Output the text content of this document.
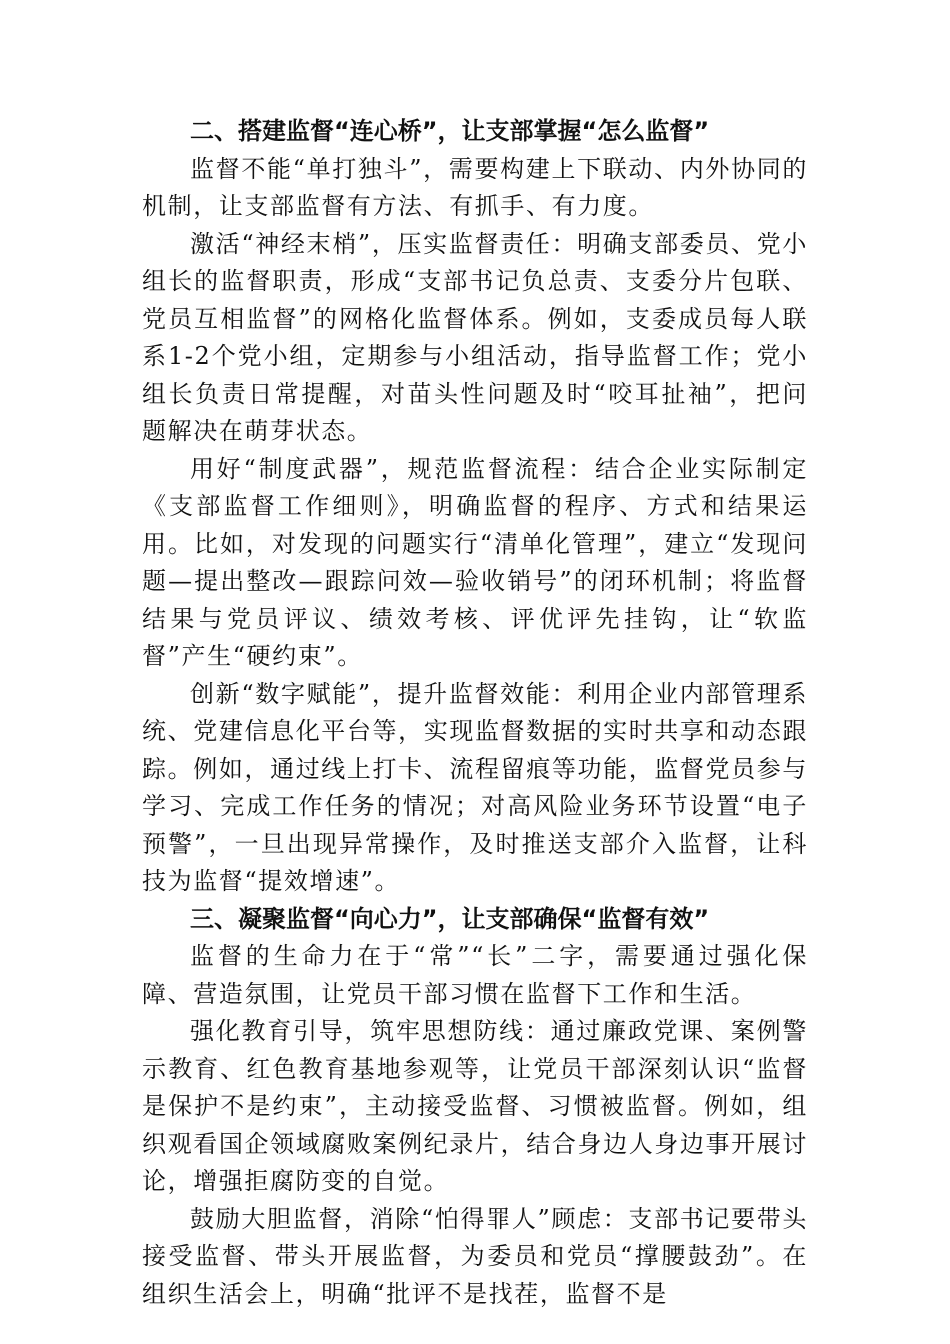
二、搭建监督“连心桥”，让支部掌握“怎么监督”

监督不能“单打独斗”，需要构建上下联动、内外协同的机制，让支部监督有方法、有抓手、有力度。

激活“神经末梢”，压实监督责任：明确支部委员、党小组长的监督职责，形成“支部书记负总责、支委分片包联、党员互相监督”的网格化监督体系。例如，支委成员每人联系1-2个党小组，定期参与小组活动，指导监督工作；党小组长负责日常提醒，对苗头性问题及时“咬耳扯袖”，把问题解决在萌芽状态。

用好“制度武器”，规范监督流程：结合企业实际制定《支部监督工作细则》，明确监督的程序、方式和结果运用。比如，对发现的问题实行“清单化管理”，建立“发现问题—提出整改—跟踪问效—验收销号”的闭环机制；将监督结果与党员评议、绩效考核、评优评先挂钩，让“软监督”产生“硬约束”。

创新“数字赋能”，提升监督效能：利用企业内部管理系统、党建信息化平台等，实现监督数据的实时共享和动态跟踪。例如，通过线上打卡、流程留痕等功能，监督党员参与学习、完成工作任务的情况；对高风险业务环节设置“电子预警”，一旦出现异常操作，及时推送支部介入监督，让科技为监督“提效增速”。

三、凝聚监督“向心力”，让支部确保“监督有效”

监督的生命力在于“常”“长”二字，需要通过强化保障、营造氛围，让党员干部习惯在监督下工作和生活。

强化教育引导，筑牢思想防线：通过廉政党课、案例警示教育、红色教育基地参观等，让党员干部深刻认识“监督是保护不是约束”，主动接受监督、习惯被监督。例如，组织观看国企领域腐败案例纪录片，结合身边人身边事开展讨论，增强拒腐防变的自觉。

鼓励大胆监督，消除“怕得罪人”顾虑：支部书记要带头接受监督、带头开展监督，为委员和党员“撑腰鼓劲”。在组织生活会上，明确“批评不是找茬，监督不是
